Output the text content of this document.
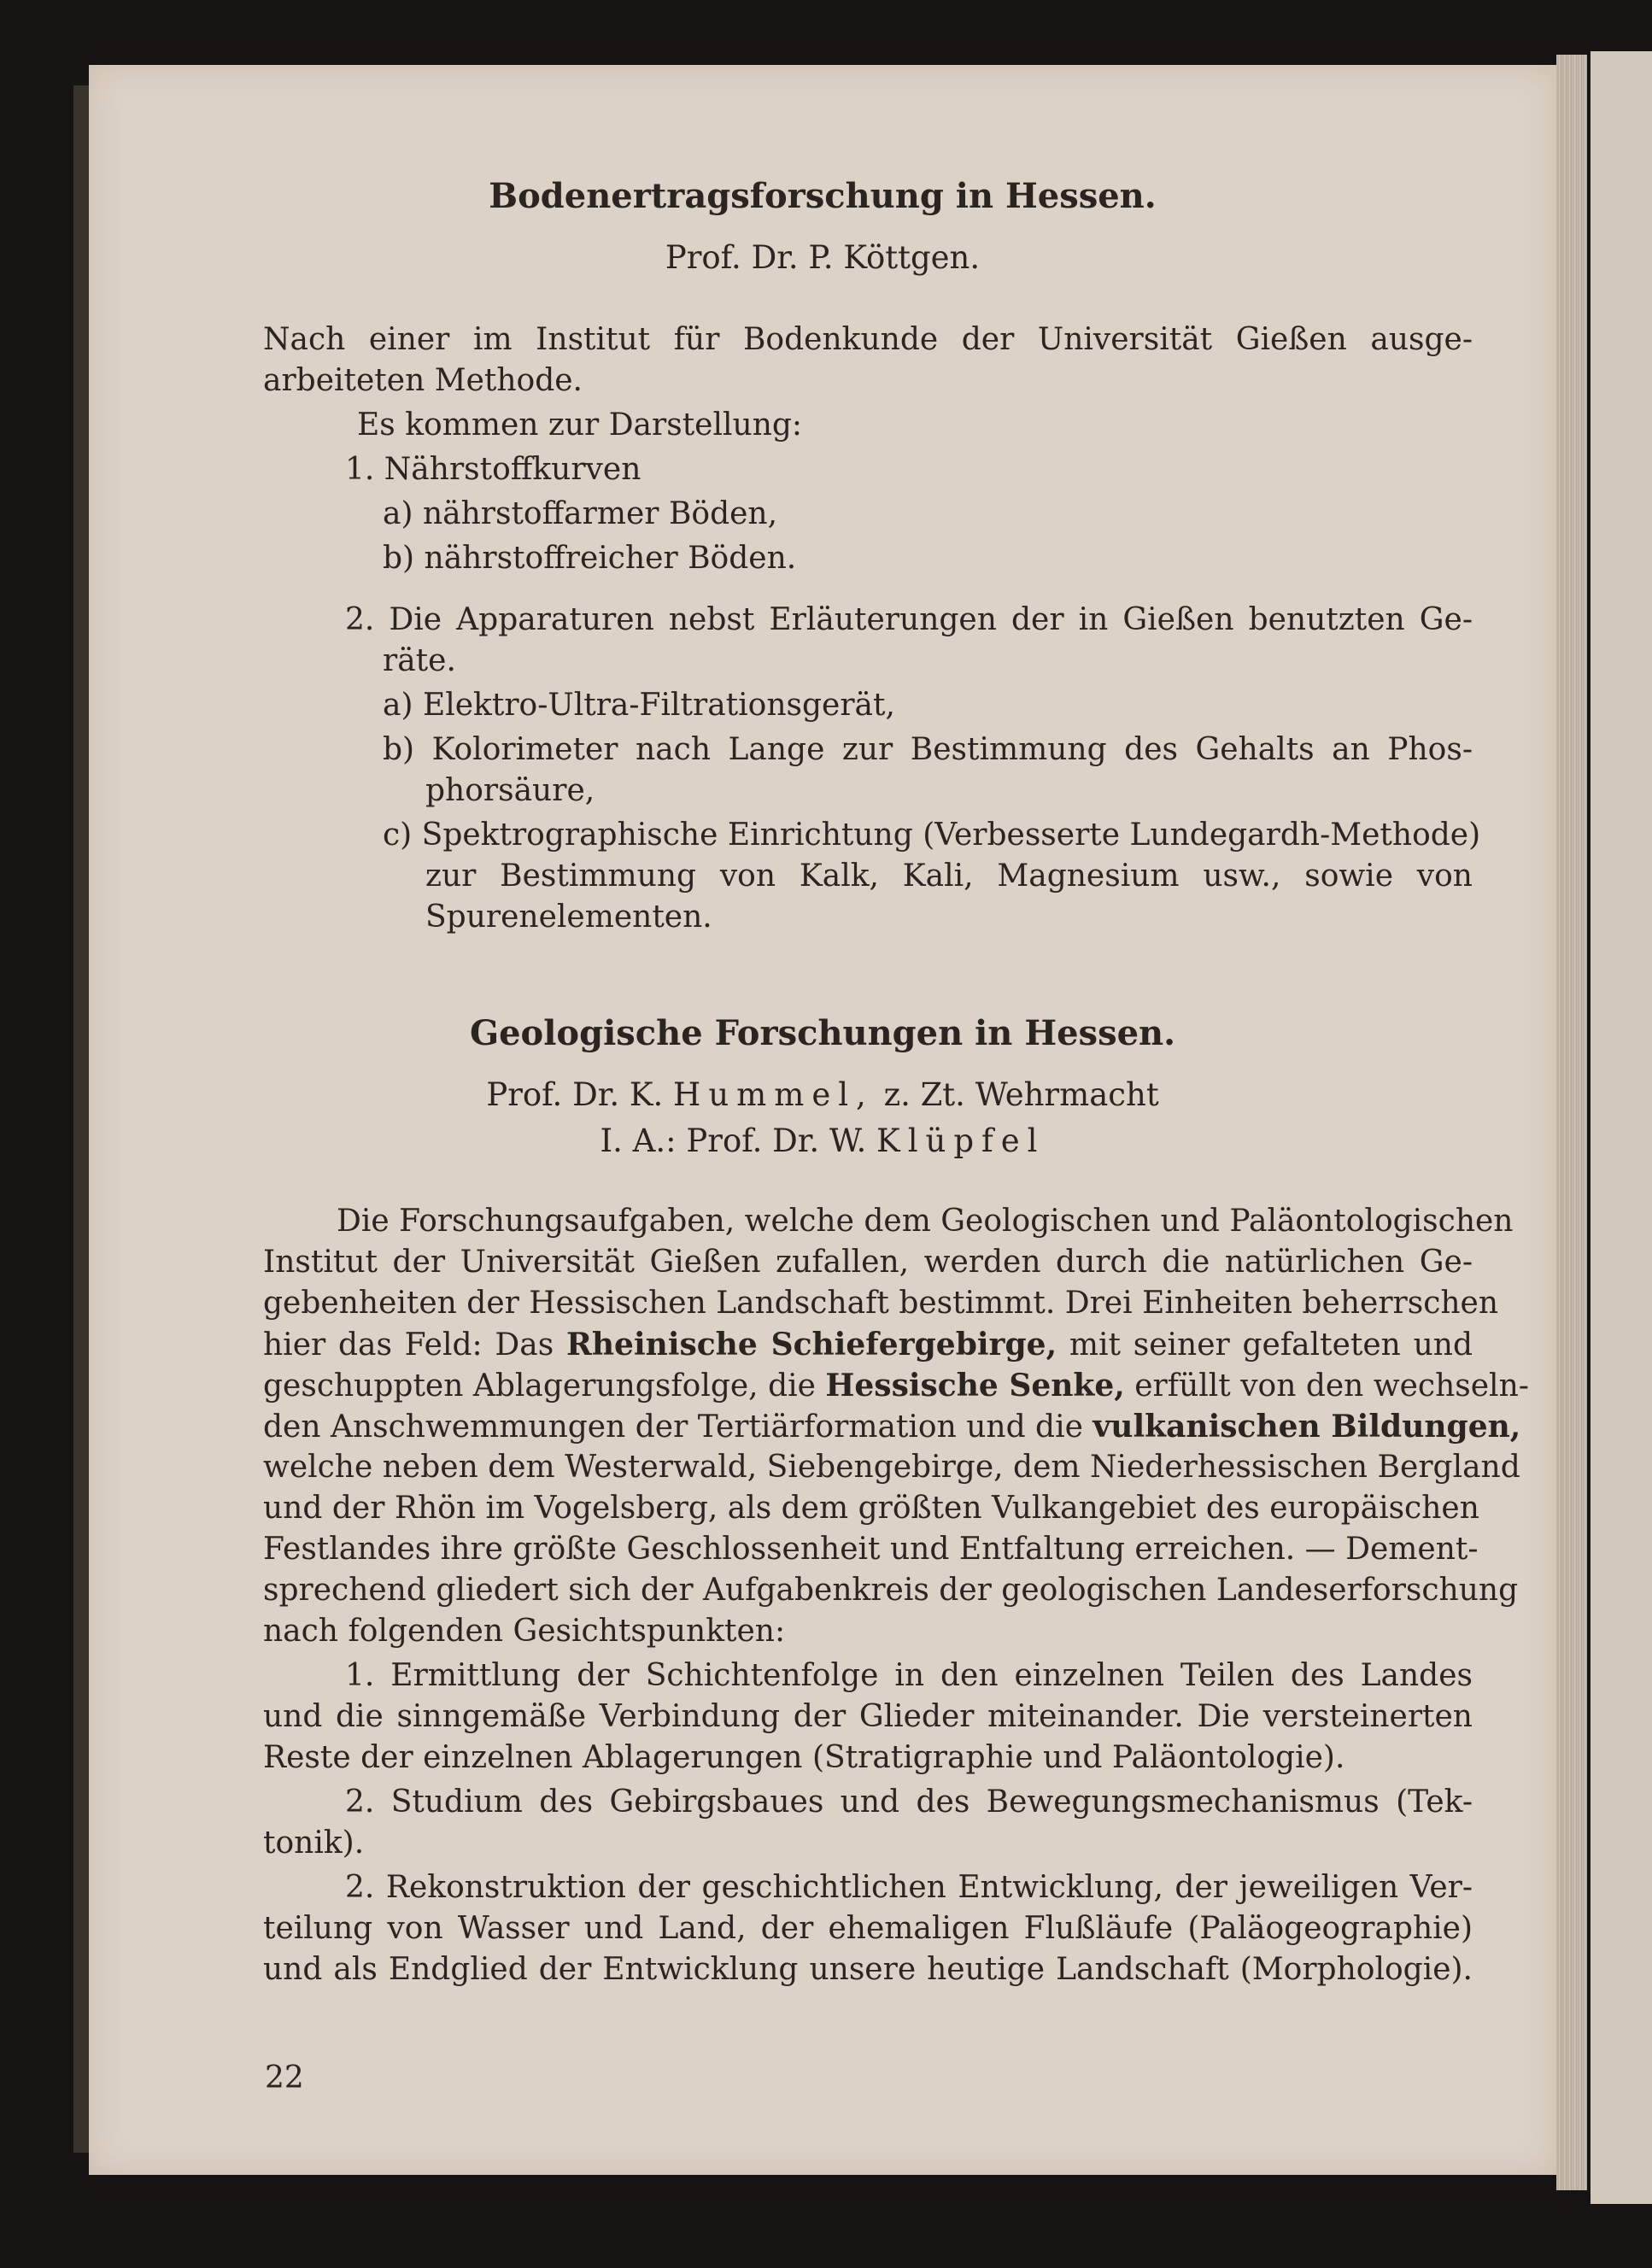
Bodenertragsforschung in Hessen.

Prof. Dr. P. Köttgen.

Nach einer im Institut für Bodenkunde der Universität Gießen ausge-

arbeiteten Methode.

Es kommen zur Darstellung:

1. Nährstoffkurven

a) nährstoffarmer Böden,

b) nährstoffreicher Böden.

2. Die Apparaturen nebst Erläuterungen der in Gießen benutzten Ge-

räte.

a) Elektro-Ultra-Filtrationsgerät,

b) Kolorimeter nach Lange zur Bestimmung des Gehalts an Phos-

phorsäure,

c) Spektrographische Einrichtung (Verbesserte Lundegardh-Methode)

zur Bestimmung von Kalk, Kali, Magnesium usw., sowie von

Spurenelementen.

Geologische Forschungen in Hessen.

Prof. Dr. K. Hummel, z. Zt. Wehrmacht

I. A.: Prof. Dr. W. Klüpfel

Die Forschungsaufgaben, welche dem Geologischen und Paläontologischen

Institut der Universität Gießen zufallen, werden durch die natürlichen Ge-

gebenheiten der Hessischen Landschaft bestimmt. Drei Einheiten beherrschen

hier das Feld: Das Rheinische Schiefergebirge, mit seiner gefalteten und

geschuppten Ablagerungsfolge, die Hessische Senke, erfüllt von den wechseln-

den Anschwemmungen der Tertiärformation und die vulkanischen Bildungen,

welche neben dem Westerwald, Siebengebirge, dem Niederhessischen Bergland

und der Rhön im Vogelsberg, als dem größten Vulkangebiet des europäischen

Festlandes ihre größte Geschlossenheit und Entfaltung erreichen. — Dement-

sprechend gliedert sich der Aufgabenkreis der geologischen Landeserforschung

nach folgenden Gesichtspunkten:

1. Ermittlung der Schichtenfolge in den einzelnen Teilen des Landes

und die sinngemäße Verbindung der Glieder miteinander. Die versteinerten

Reste der einzelnen Ablagerungen (Stratigraphie und Paläontologie).

2. Studium des Gebirgsbaues und des Bewegungsmechanismus (Tek-

tonik).

2. Rekonstruktion der geschichtlichen Entwicklung, der jeweiligen Ver-

teilung von Wasser und Land, der ehemaligen Flußläufe (Paläogeographie)

und als Endglied der Entwicklung unsere heutige Landschaft (Morphologie).

22
